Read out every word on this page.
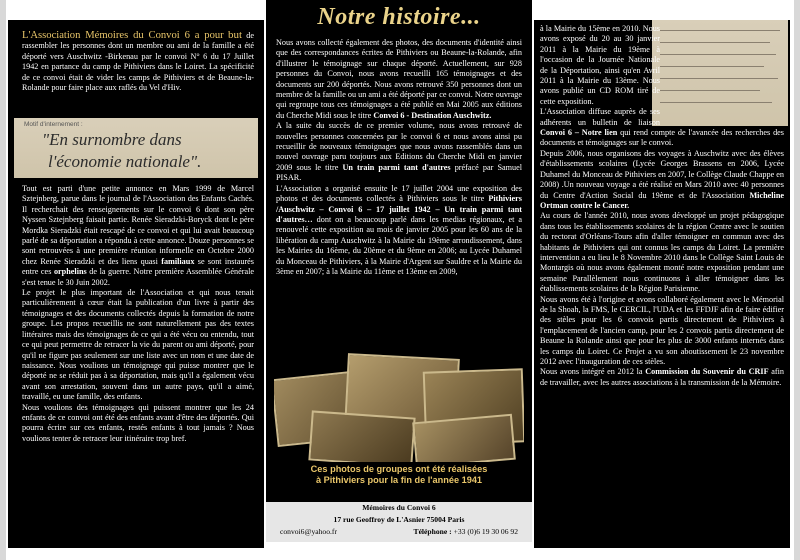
L'Association Mémoires du Convoi 6 a pour but de rassembler les personnes dont un membre ou ami de la famille a été déporté vers Auschwitz -Birkenau par le convoi N° 6 du 17 Juillet 1942 en partance du camp de Pithiviers dans le Loiret. La spécificité de ce convoi était de vider les camps de Pithiviers et de Beaune-la-Rolande pour faire place aux raflés du Vel d'Hiv.
Motif d'internement :
"En surnombre dans
l'économie nationale".

Tout est parti d'une petite annonce en Mars 1999 de Marcel Sztejnberg, parue dans le journal de l'Association des Enfants Cachés. Il recherchait des renseignements sur le convoi 6 dont son père Nyssen Sztejnberg faisait partie. Renée Sieradzki-Boryck dont le père Mordka Sieradzki était rescapé de ce convoi et qui lui avait beaucoup parlé de sa déportation a répondu à cette annonce. Douze personnes se sont retrouvées à une première réunion informelle en Octobre 2000 chez Renée Sieradzki et des liens quasi familiaux se sont instaurés entre ces orphelins de la guerre. Notre première Assemblée Générale s'est tenue le 30 Juin 2002.

Le projet le plus important de l'Association et qui nous tenait particulièrement à cœur était la publication d'un livre à partir des témoignages et des documents collectés depuis la formation de notre groupe. Les propos recueillis ne sont naturellement pas des textes littéraires mais des témoignages de ce qui a été vécu ou entendu, tout ce qui peut permettre de retracer la vie du parent ou ami déporté, pour qu'il ne figure pas seulement sur une liste avec un nom et une date de naissance. Nous voulions un témoignage qui puisse montrer que le déporté ne se réduit pas à sa déportation, mais qu'il a également vécu avant son arrestation, souvent dans un autre pays, qu'il a aimé, travaillé, eu une famille, des enfants.

Nous voulions des témoignages qui puissent montrer que les 24 enfants de ce convoi ont été des enfants avant d'être des déportés. Qui pourra écrire sur ces enfants, restés enfants à tout jamais ? Nous voulions tenter de retracer leur itinéraire trop bref.

Notre histoire...

Nous avons collecté également des photos, des documents d'identité ainsi que des correspondances écrites de Pithiviers ou Beaune-la-Rolande, afin d'illustrer le témoignage sur chaque déporté. Actuellement, sur 928 personnes du Convoi, nous avons recueilli 165 témoignages et des documents sur 200 déportés. Nous avons retrouvé 350 personnes dont un membre de la famille ou un ami a été déporté par ce convoi. Notre ouvrage qui regroupe tous ces témoignages a été publié en Mai 2005 aux éditions du Cherche Midi sous le titre Convoi 6 - Destination Auschwitz.

A la suite du succès de ce premier volume, nous avons retrouvé de nouvelles personnes concernées par le convoi 6 et nous avons ainsi pu recueillir de nouveaux témoignages que nous avons rassemblés dans un nouvel ouvrage paru toujours aux Editions du Cherche Midi en janvier 2009 sous le titre Un train parmi tant d'autres préfacé par Samuel PISAR.

L'Association a organisé ensuite le 17 juillet 2004 une exposition des photos et des documents collectés à Pithiviers sous le titre Pithiviers /Auschwitz – Convoi 6 – 17 juillet 1942 – Un train parmi tant d'autres… dont on a beaucoup parlé dans les medias régionaux, et a renouvelé cette exposition au mois de janvier 2005 pour les 60 ans de la libération du camp Auschwitz à la Mairie du 19ème arrondissement, dans les Mairies du 16ème, du 20ème et du 9ème en 2006; au Lycée Duhamel du Monceau de Pithiviers, à la Mairie d'Argent sur Sauldre et la Mairie du 3ème en 2007; à la Mairie du 11ème et 13ème en 2009,

Ces photos de groupes ont été réalisées
à Pithiviers pour la fin de l'année 1941
Mémoires du Convoi 6
17 rue Geoffroy de L'Asnier 75004 Paris
convoi6@yahoo.fr	Téléphone : +33 (0)6 19 30 06 92

à la Mairie du 15ème en 2010. Nous avons exposé du 20 au 30 janvier 2011 à la Mairie du 19ème à l'occasion de la Journée Nationale de la Déportation, ainsi qu'en Avril 2011 à la Mairie du 13ème. Nous avons publié un CD ROM tiré de cette exposition.

L'Association diffuse auprès de ses adhérents un bulletin de liaison Convoi 6 – Notre lien qui rend compte de l'avancée des recherches des documents et témoignages sur le convoi.

Depuis 2006, nous organisons des voyages à Auschwitz avec des élèves d'établissements scolaires (Lycée Georges Brassens en 2006, Lycée Duhamel du Monceau de Pithiviers en 2007, le Collège Claude Chappe en 2008) .Un nouveau voyage a été réalisé en Mars 2010 avec 40 personnes du Centre d'Action Social du 19ème et de l'Association Micheline Ortman contre le Cancer.

Au cours de l'année 2010, nous avons développé un projet pédagogique dans tous les établissements scolaires de la région Centre avec le soutien du rectorat d'Orléans-Tours afin d'aller témoigner en commun avec des habitants de Pithiviers qui ont connus les camps du Loiret. La première intervention a eu lieu le 8 Novembre 2010 dans le Collège Saint Louis de Montargis où nous avons également monté notre exposition pendant une semaine Parallèlement nous continuons à aller témoigner dans les établissements scolaires de la Région Parisienne.

Nous avons été à l'origine et avons collaboré également avec le Mémorial de la Shoah, la FMS, le CERCIL, l'UDA et les FFDJF afin de faire édifier des stèles pour les 6 convois partis directement de Pithiviers à l'emplacement de l'ancien camp, pour les 2 convois partis directement de Beaune la Rolande ainsi que pour les plus de 3000 enfants internés dans les camps du Loiret. Ce Projet a vu son aboutissement le 23 novembre 2012 avec l'inauguration de ces stèles.

Nous avons intégré en 2012 la Commission du Souvenir du CRIF afin de travailler, avec les autres associations à la transmission de la Mémoire.
